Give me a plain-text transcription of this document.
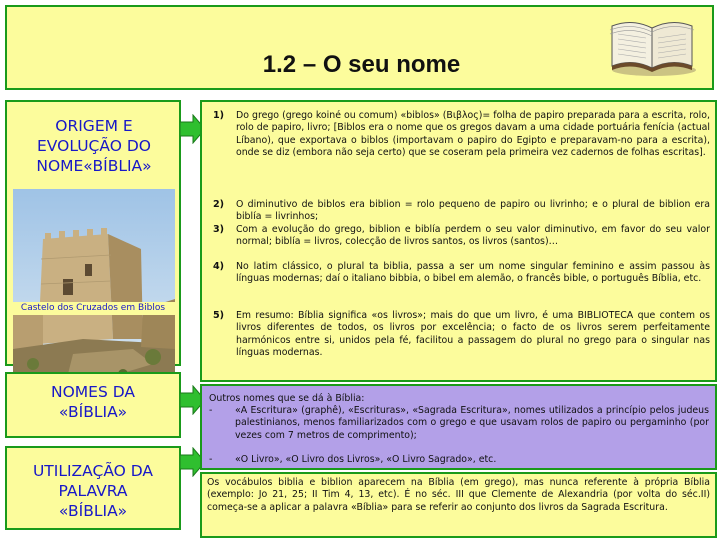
1.2 – O seu nome
ORIGEM E EVOLUÇÃO DO NOME«BÍBLIA»
Castelo dos Cruzados em Biblos
NOMES DA «BÍBLIA»
UTILIZAÇÃO DA PALAVRA «BÍBLIA»
1) Do grego (grego koiné ou comum) «biblos» (Βιβλος)= folha de papiro preparada para a escrita, rolo, rolo de papiro, livro; [Biblos era o nome que os gregos davam a uma cidade portuária fenícia (actual Líbano), que exportava o biblos (importavam o papiro do Egipto e preparavam-no para a escrita), onde se diz (embora não seja certo) que se coseram pela primeira vez cadernos de folhas escritas].
2) O diminutivo de biblos era biblion = rolo pequeno de papiro ou livrinho; e o plural de biblion era biblía = livrinhos;
3) Com a evolução do grego, biblion e biblía perdem o seu valor diminutivo, em favor do seu valor normal; biblía = livros, colecção de livros santos, os livros (santos)…
4) No latim clássico, o plural ta biblia, passa a ser um nome singular feminino e assim passou às línguas modernas; daí o italiano bibbia, o bibel em alemão, o francês bible, o português Bíblia, etc.
5) Em resumo: Bíblia significa «os livros»; mais do que um livro, é uma BIBLIOTECA que contem os livros diferentes de todos, os livros por excelência; o facto de os livros serem perfeitamente harmónicos entre si, unidos pela fé, facilitou a passagem do plural no grego para o singular nas línguas modernas.
Outros nomes que se dá à Bíblia:
- «A Escritura» (graphê), «Escrituras», «Sagrada Escritura», nomes utilizados a princípio pelos judeus palestinianos, menos familiarizados com o grego e que usavam rolos de papiro ou pergaminho (por vezes com 7 metros de comprimento);
- «O Livro», «O Livro dos Livros», «O Livro Sagrado», etc.
Os vocábulos biblia e biblion aparecem na Bíblia (em grego), mas nunca referente à própria Bíblia (exemplo: Jo 21, 25; II Tim 4, 13, etc). É no séc. III que Clemente de Alexandria (por volta do séc.II) começa-se a aplicar a palavra «Bíblia» para se referir ao conjunto dos livros da Sagrada Escritura.
